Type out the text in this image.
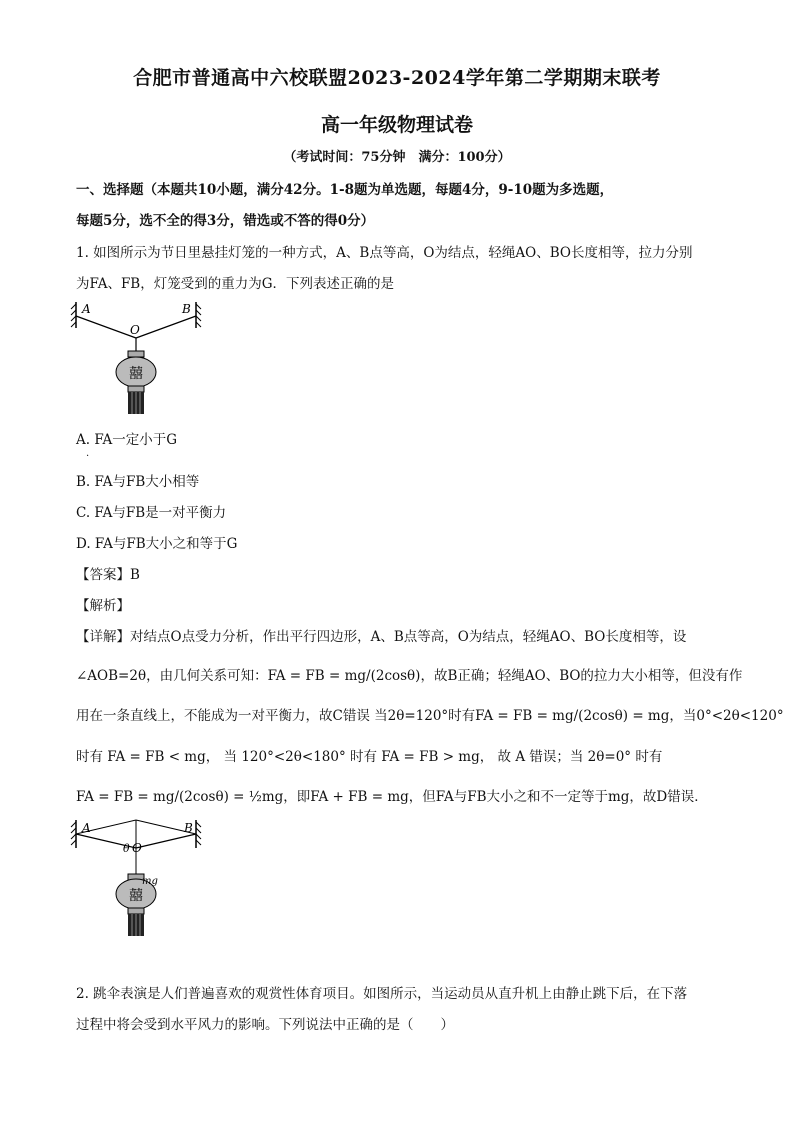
合肥市普通高中六校联盟2023-2024学年第二学期期末联考
高一年级物理试卷
（考试时间：75分钟　满分：100分）
一、选择题（本题共10小题，满分42分。1-8题为单选题，每题4分，9-10题为多选题，
每题5分，选不全的得3分，错选或不答的得0分）
1. 如图所示为节日里悬挂灯笼的一种方式，A、B点等高，O为结点，轻绳AO、BO长度相等，拉力分别
为FA、FB，灯笼受到的重力为G．下列表述正确的是
囍
A	B
O
A. FA一定小于G
.
B. FA与FB大小相等
C. FA与FB是一对平衡力
D. FA与FB大小之和等于G
【答案】B
【解析】
【详解】对结点O点受力分析，作出平行四边形，A、B点等高，O为结点，轻绳AO、BO长度相等，设
∠AOB=2θ，由几何关系可知：FA = FB = mg/(2cosθ)，故B正确；轻绳AO、BO的拉力大小相等，但没有作
用在一条直线上，不能成为一对平衡力，故C错误 当2θ=120°时有FA = FB = mg/(2cosθ) = mg，当0°<2θ<120°
时有 FA = FB < mg， 当 120°<2θ<180° 时有 FA = FB > mg， 故 A 错误；当 2θ=0° 时有
FA = FB = mg/(2cosθ) = ½mg，即FA + FB = mg，但FA与FB大小之和不一定等于mg，故D错误．
囍
A	B
θ O
mg
2. 跳伞表演是人们普遍喜欢的观赏性体育项目。如图所示，当运动员从直升机上由静止跳下后，在下落
过程中将会受到水平风力的影响。下列说法中正确的是（　　）
